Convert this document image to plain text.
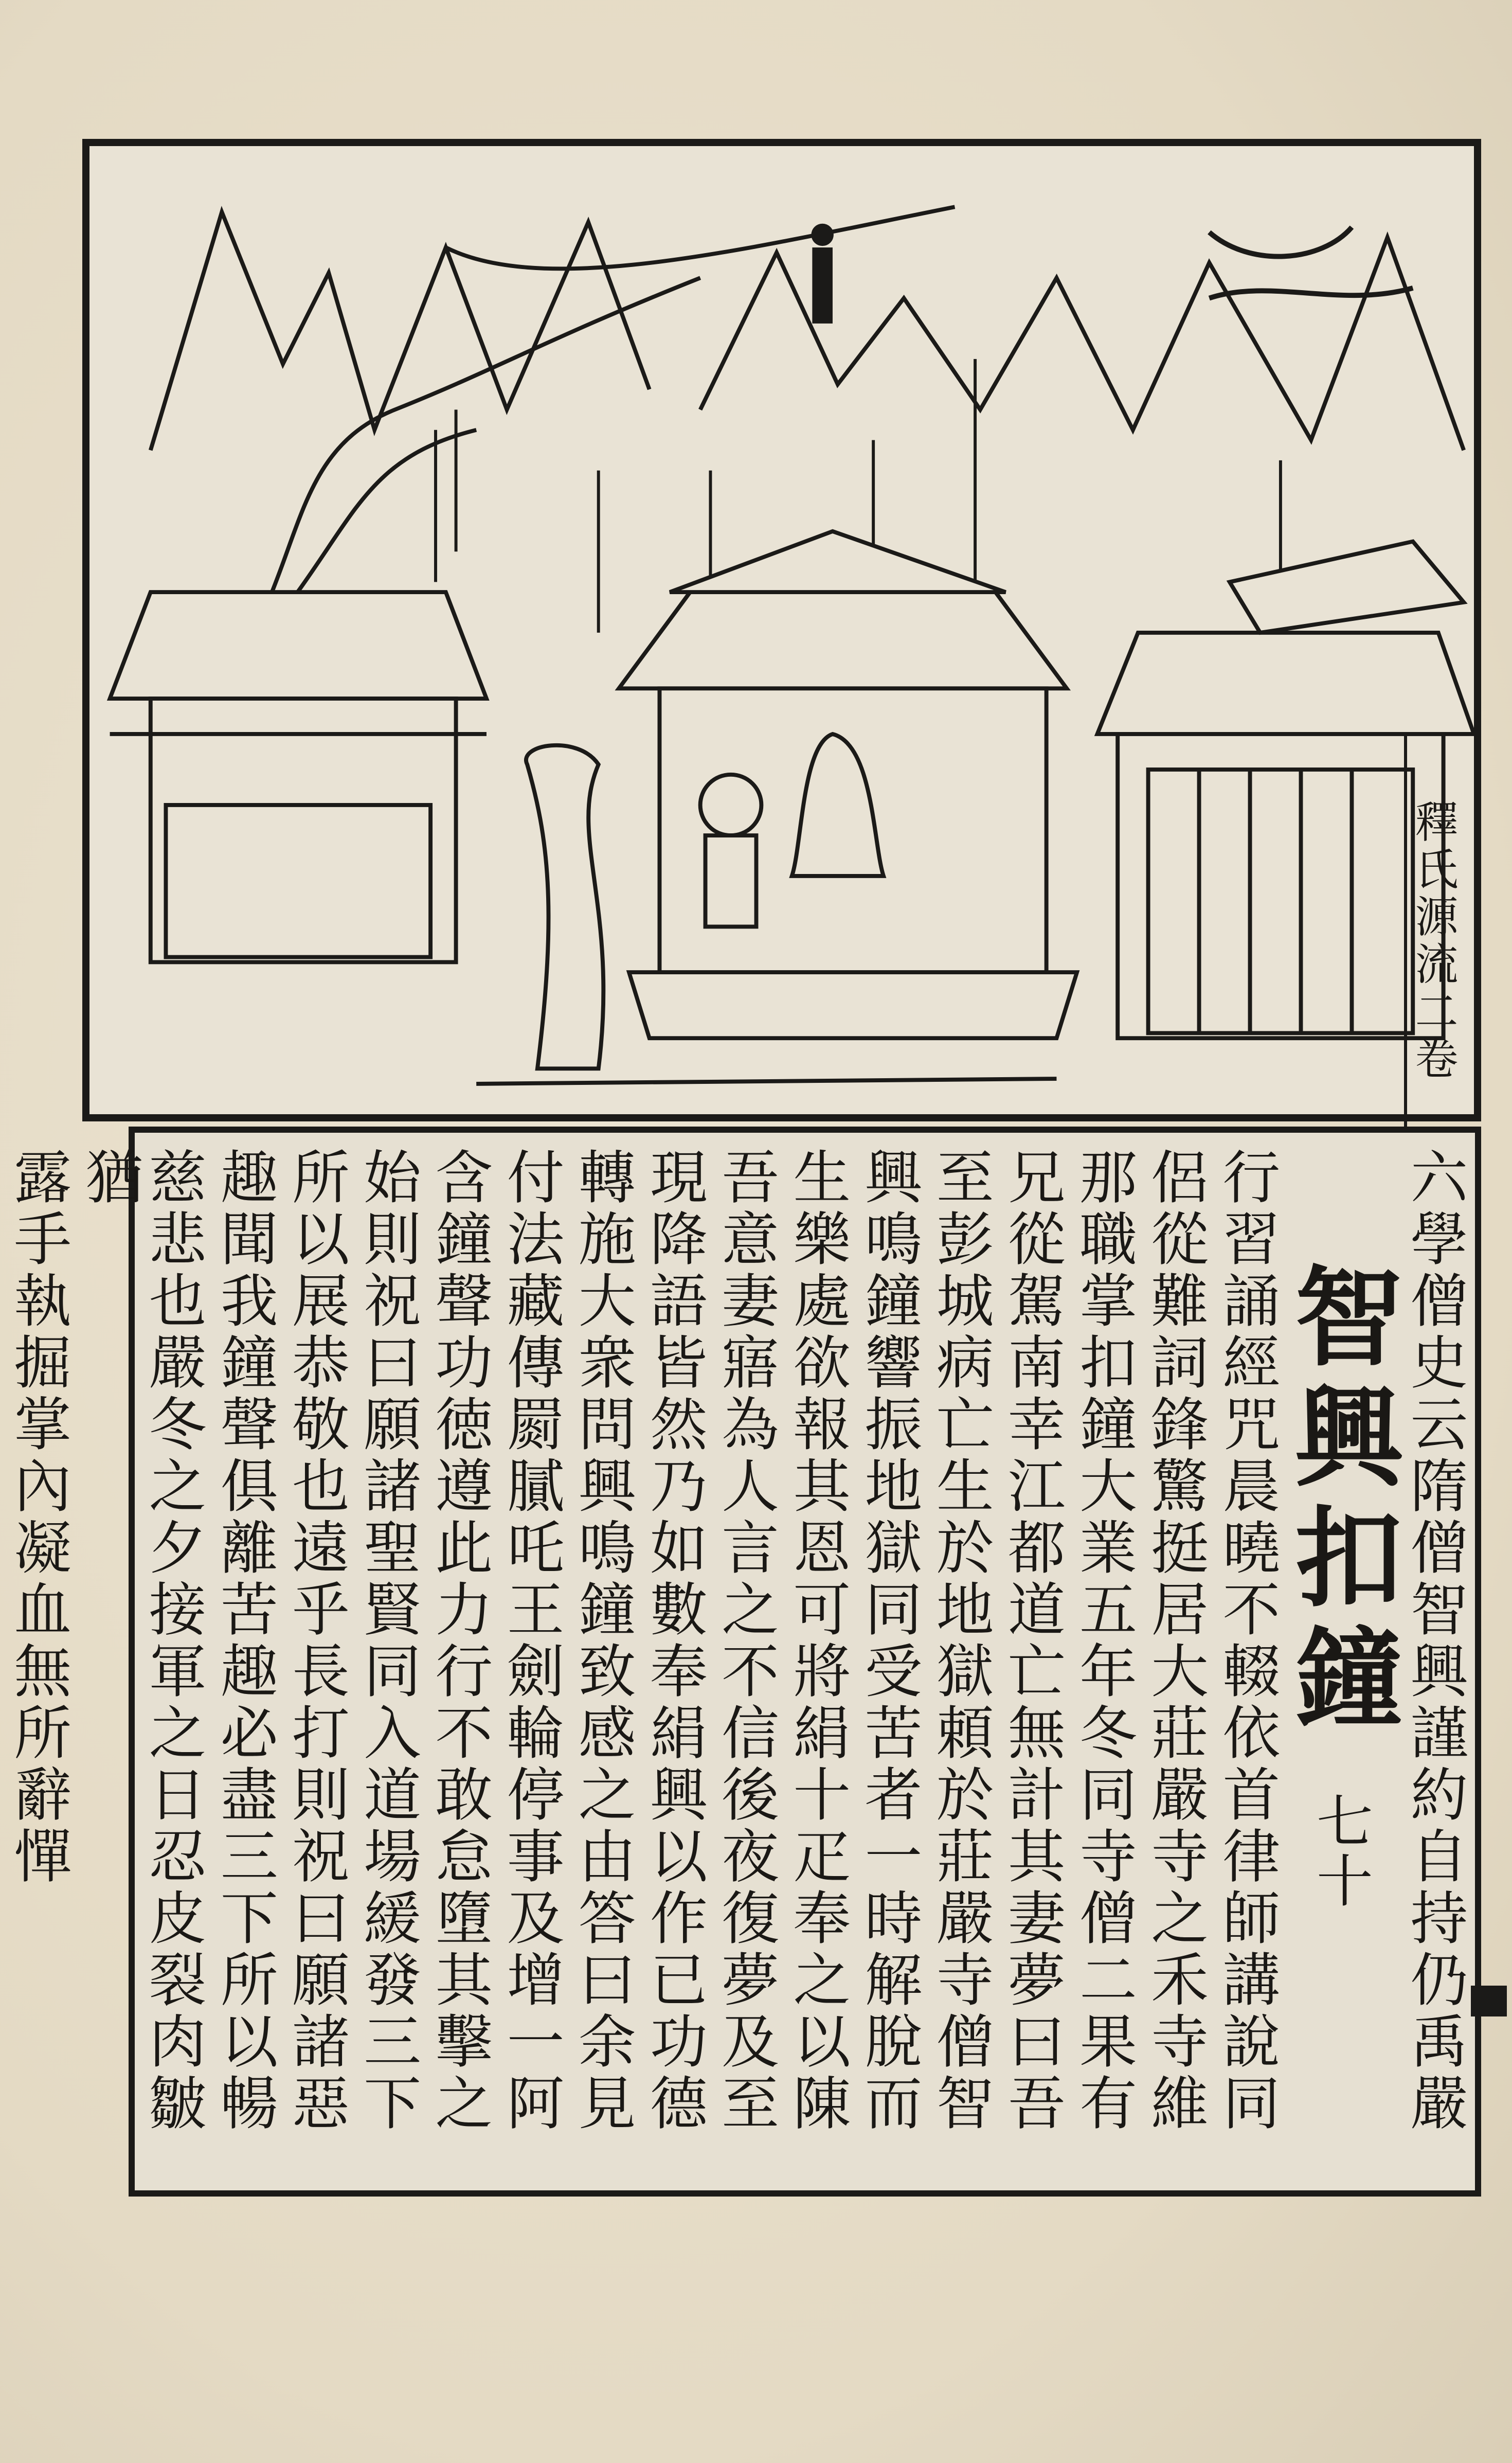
釋氏源流二卷
六學僧史云隋僧智興謹約自持仍禹嚴
智興扣鐘 七十
行習誦經咒晨曉不輟依首律師講說同
侶從難詞鋒驚挺居大莊嚴寺之禾寺維
那職掌扣鐘大業五年冬同寺僧二果有
兄從駕南幸江都道亡無計其妻夢曰吾
至彭城病亡生於地獄頼於莊嚴寺僧智
興鳴鐘響振地獄同受苦者一時解脫而
生樂處欲報其恩可將絹十疋奉之以陳
吾意妻寤為人言之不信後夜復夢及至
現降語皆然乃如數奉絹興以作已功德
轉施大衆問興鳴鐘致感之由答曰余見
付法藏傳罽膩吒王劍輪停事及增一阿
含鐘聲功徳遵此力行不敢怠墮其擊之
始則祝曰願諸聖賢同入道場緩發三下
所以展恭敬也遠乎長打則祝曰願諸惡
趣聞我鐘聲俱離苦趣必盡三下所以暢
慈悲也嚴冬之夕接軍之日忍皮裂肉皺猶
露手執掘掌內凝血無所辭憚
